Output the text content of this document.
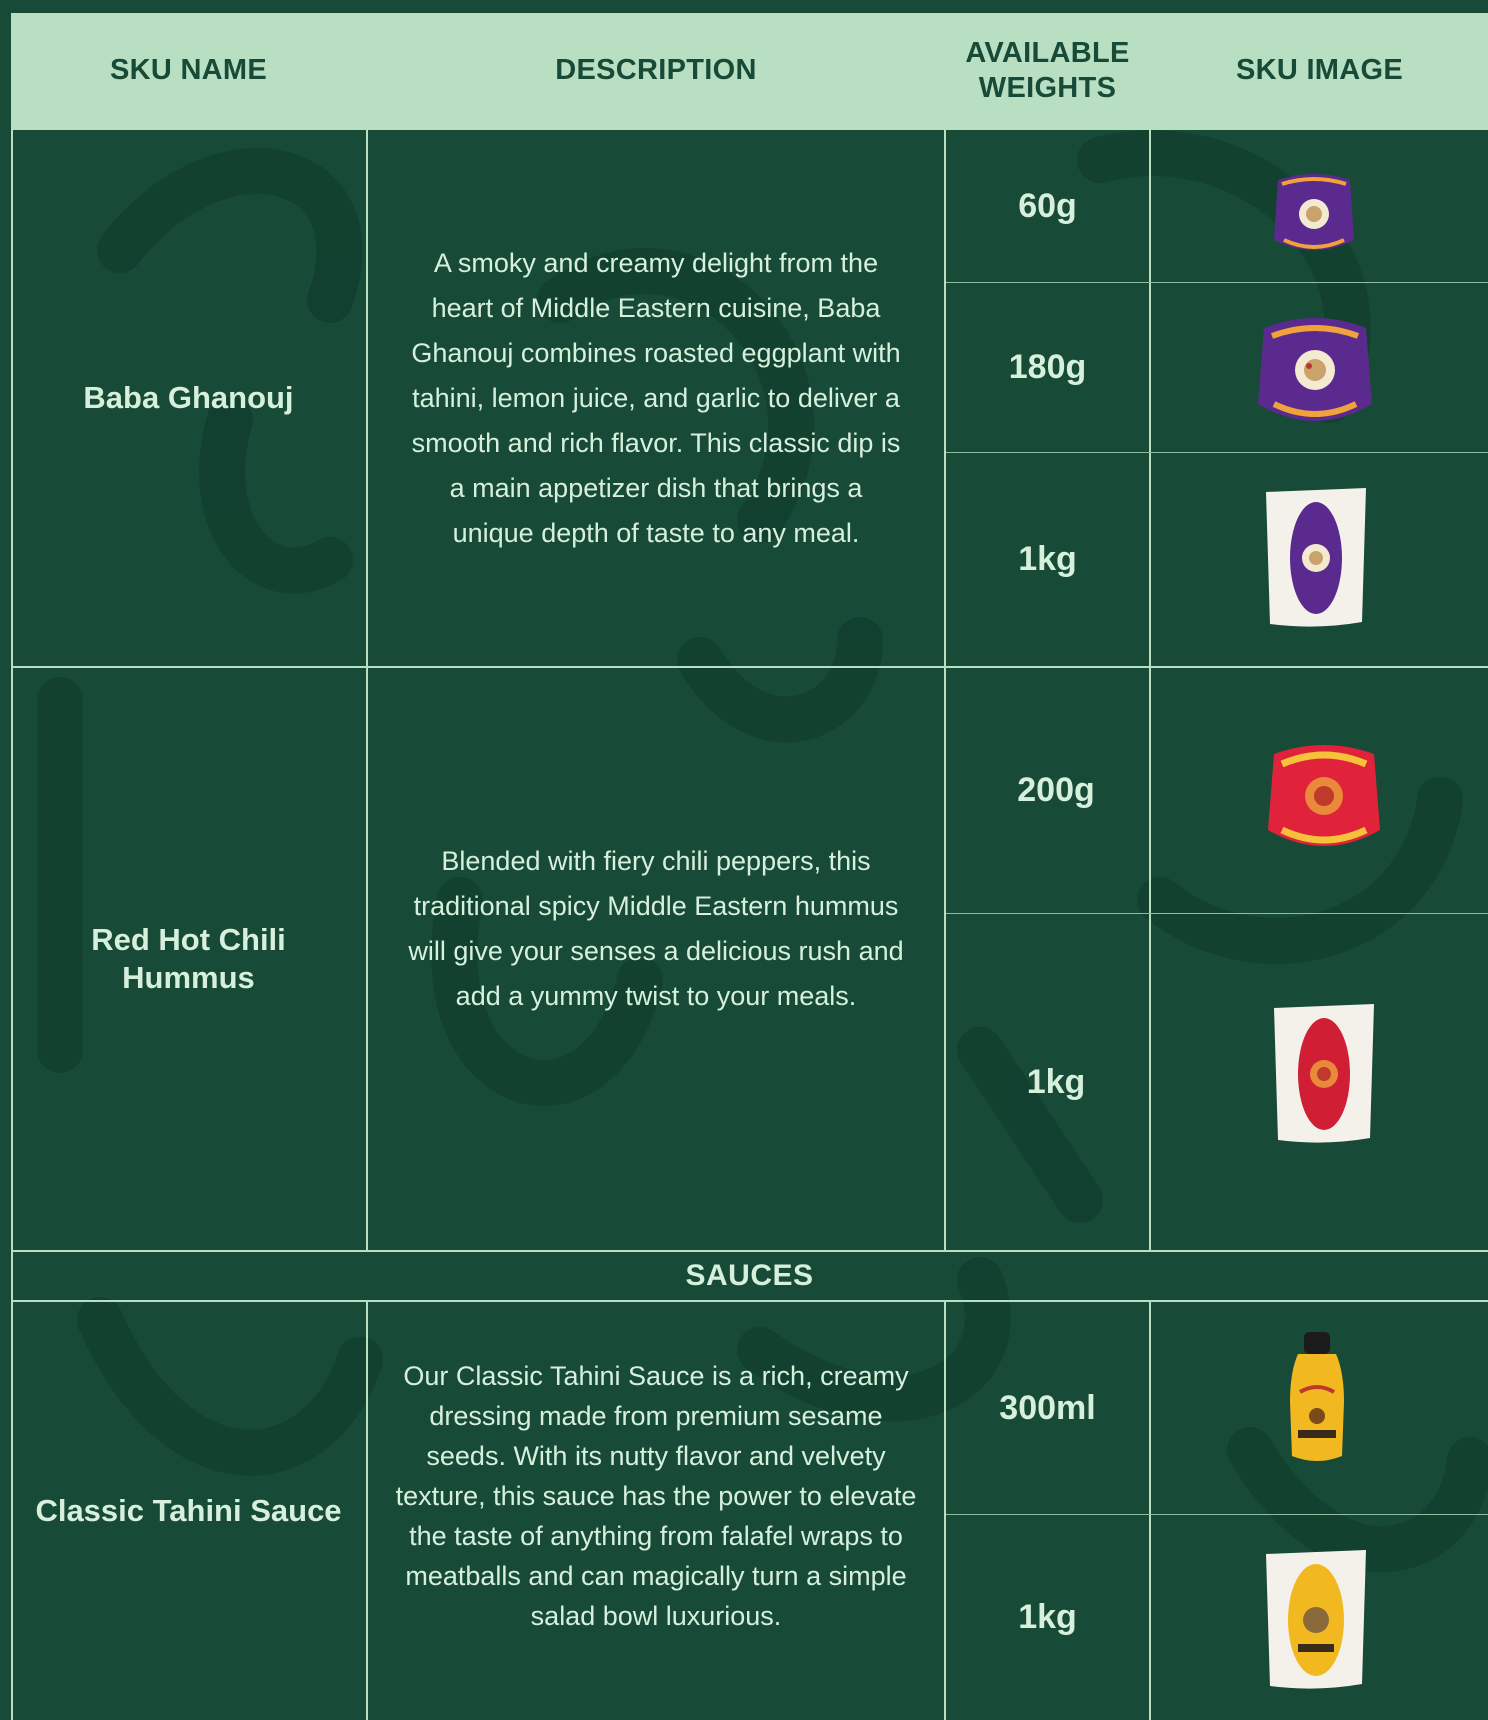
SKU NAME	DESCRIPTION
AVAILABLE WEIGHTS
SKU IMAGE
Baba Ghanouj
A smoky and creamy delight from the heart of Middle Eastern cuisine, Baba Ghanouj combines roasted eggplant with tahini, lemon juice, and garlic to deliver a smooth and rich flavor. This classic dip is a main appetizer dish that brings a unique depth of taste to any meal.
60g
180g
1kg
Red Hot Chili Hummus
Blended with fiery chili peppers, this traditional spicy Middle Eastern hummus will give your senses a delicious rush and add a yummy twist to your meals.
200g
1kg
SAUCES
Classic Tahini Sauce
Our Classic Tahini Sauce is a rich, creamy dressing made from premium sesame seeds. With its nutty flavor and velvety texture, this sauce has the power to elevate the taste of anything from falafel wraps to meatballs and can magically turn a simple salad bowl luxurious.
300ml
1kg
